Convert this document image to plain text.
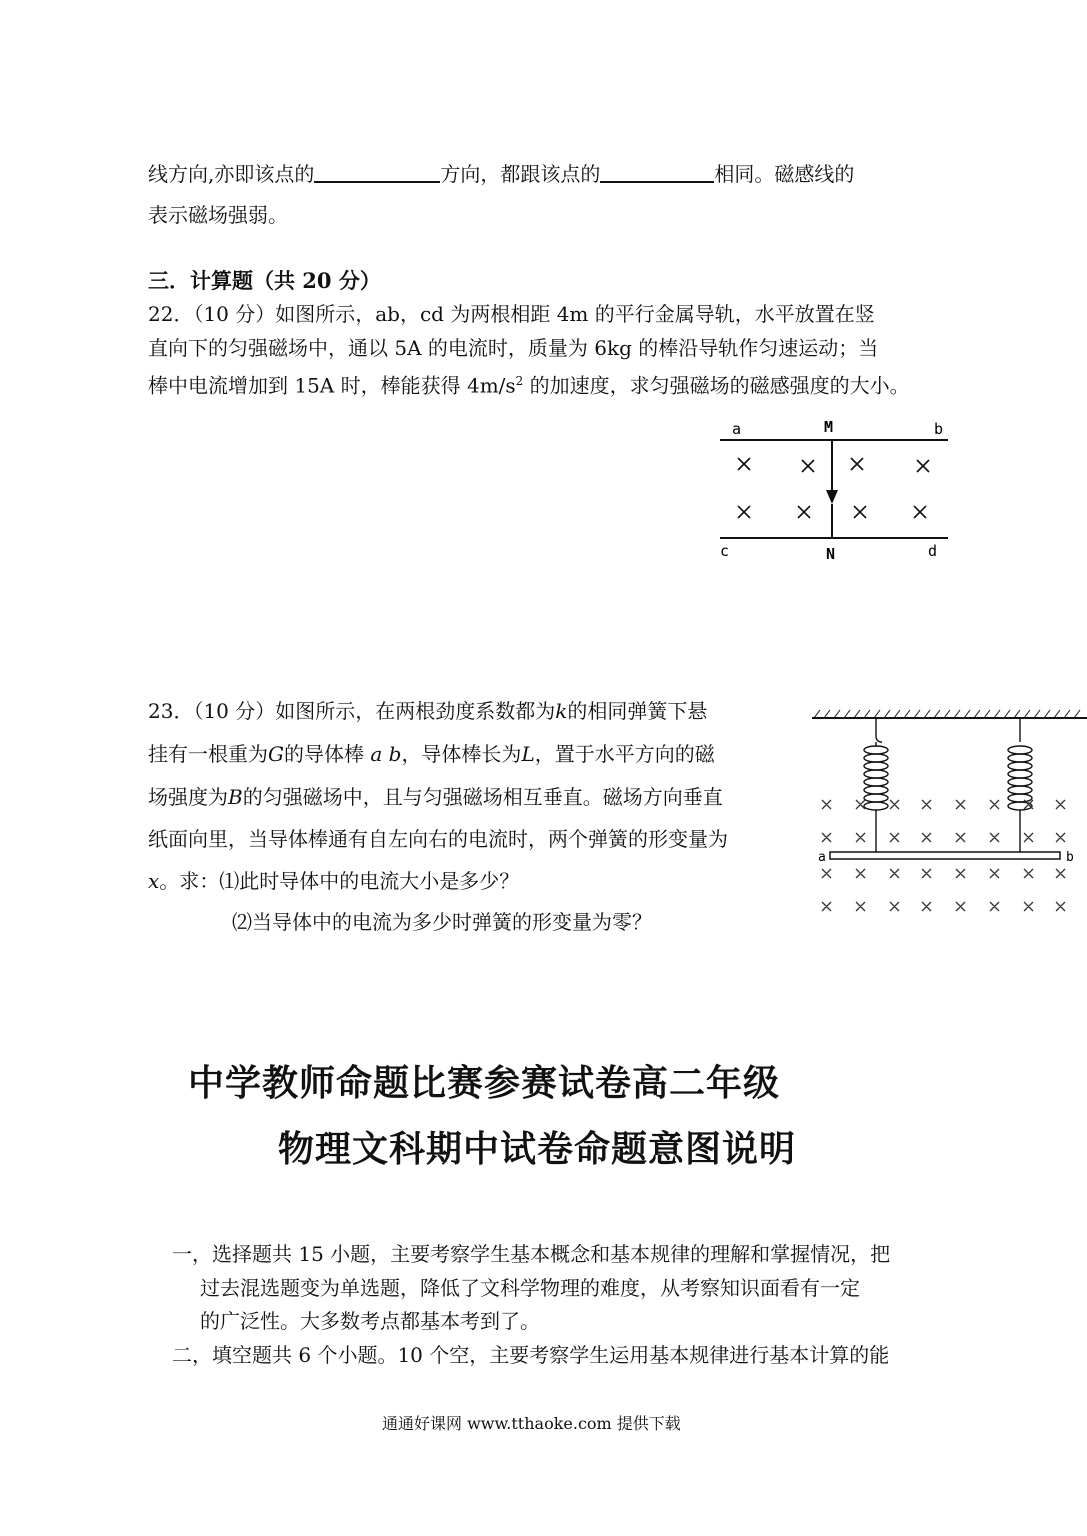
线方向,亦即该点的	方向，都跟该点的	相同。磁感线的
表示磁场强弱。
三．计算题（共 20 分）
22．（10 分）如图所示，ab，cd 为两根相距 4m 的平行金属导轨，水平放置在竖
直向下的匀强磁场中，通以 5A 的电流时，质量为 6kg 的棒沿导轨作匀速运动；当
棒中电流增加到 15A 时，棒能获得 $4m/s^2$ 的加速度，求匀强磁场的磁感强度的大小。
a	M	b
c	N	d
23．（10 分）如图所示，在两根劲度系数都为k的相同弹簧下悬
挂有一根重为G的导体棒 a b，导体棒长为L，置于水平方向的磁
场强度为B的匀强磁场中，且与匀强磁场相互垂直。磁场方向垂直
纸面向里，当导体棒通有自左向右的电流时，两个弹簧的形变量为
x。求：⑴此时导体中的电流大小是多少？
⑵当导体中的电流为多少时弹簧的形变量为零？
a	b
中学教师命题比赛参赛试卷高二年级
物理文科期中试卷命题意图说明
一，选择题共 15 小题，主要考察学生基本概念和基本规律的理解和掌握情况，把
过去混选题变为单选题，降低了文科学物理的难度，从考察知识面看有一定
的广泛性。大多数考点都基本考到了。
二，填空题共 6 个小题。10 个空，主要考察学生运用基本规律进行基本计算的能
通通好课网 www.tthaoke.com 提供下载
